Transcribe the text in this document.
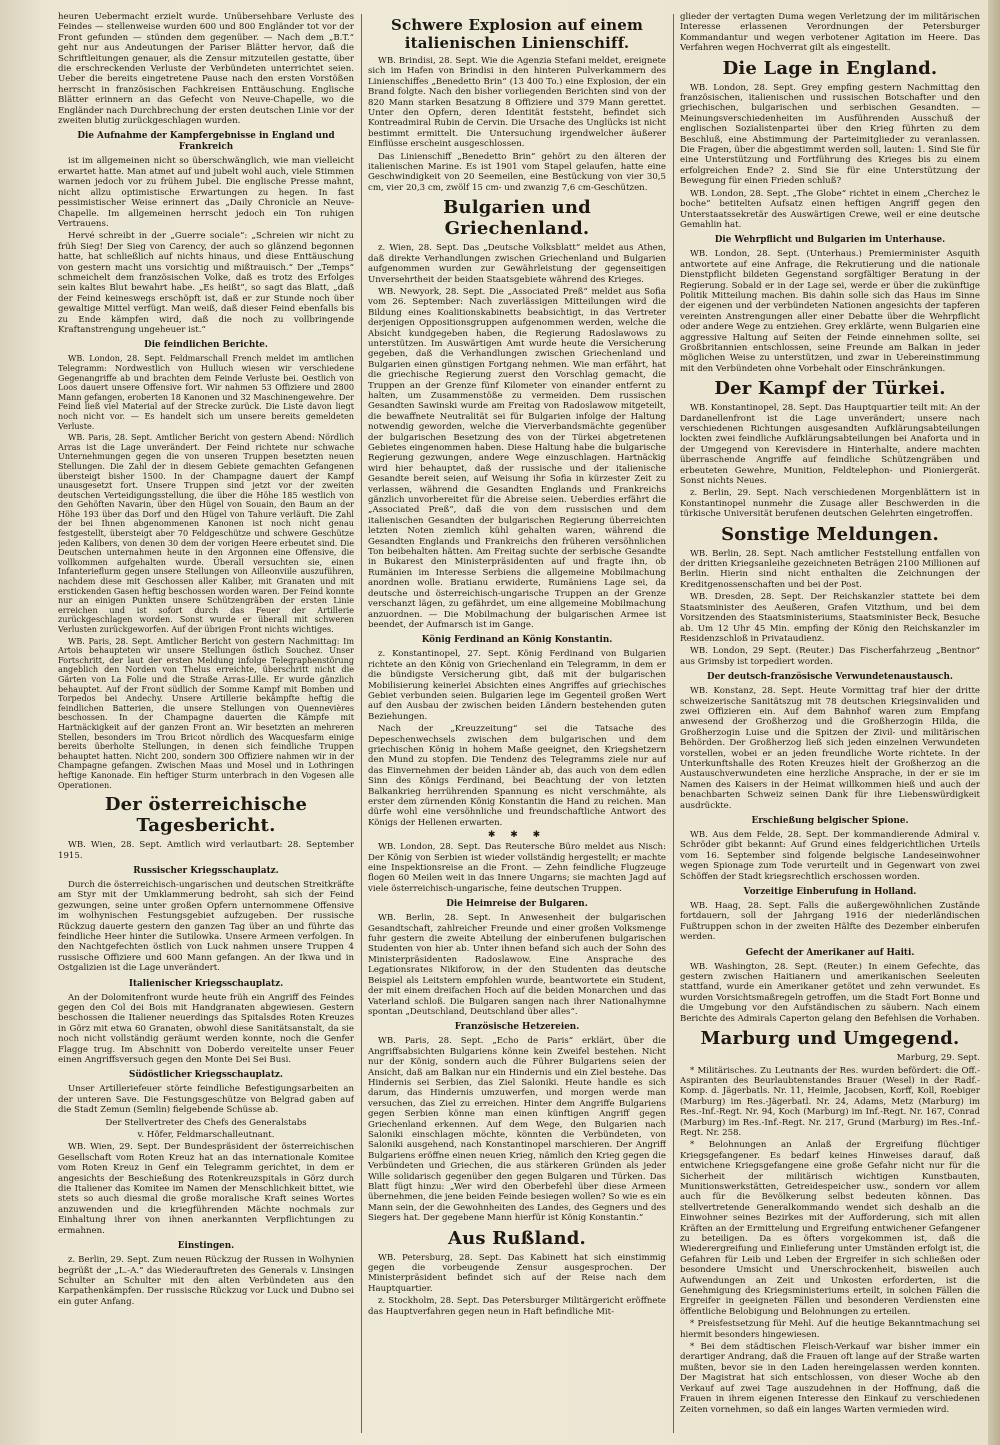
heuren Uebermacht erzielt wurde. Unübersehbare Verluste des Feindes — stellenweise wurden 600 und 800 Engländer tot vor der Front gefunden — stünden dem gegenüber. — Nach dem „B.T.“ geht nur aus Andeutungen der Pariser Blätter hervor, daß die Schriftleitungen genauer, als die Zensur mitzuteilen gestatte, über die erschreckenden Verluste der Verbündeten unterrichtet seien. Ueber die bereits eingetretene Pause nach den ersten Vorstößen herrscht in französischen Fachkreisen Enttäuschung. Englische Blätter erinnern an das Gefecht von Neuve-Chapelle, wo die Engländer nach Durchbrechung der ersten deutschen Linie vor der zweiten blutig zurückgeschlagen wurden.

Die Aufnahme der Kampfergebnisse in England und Frankreich

ist im allgemeinen nicht so überschwänglich, wie man vielleicht erwartet hatte. Man atmet auf und jubelt wohl auch, viele Stimmen warnen jedoch vor zu frühem Jubel. Die englische Presse mahnt, nicht allzu optimistische Erwartungen zu hegen. In fast pessimistischer Weise erinnert das „Daily Chronicle an Neuve-Chapelle. Im allgemeinen herrscht jedoch ein Ton ruhigen Vertrauens.

Hervé schreibt in der „Guerre sociale“: „Schreien wir nicht zu früh Sieg! Der Sieg von Carency, der auch so glänzend begonnen hatte, hat schließlich auf nichts hinaus, und diese Enttäuschung von gestern macht uns vorsichtig und mißtrauisch.“ Der „Temps“ schmeichelt dem französischen Volke, daß es trotz des Erfolges sein kaltes Blut bewahrt habe. „Es heißt“, so sagt das Blatt, „daß der Feind keineswegs erschöpft ist, daß er zur Stunde noch über gewaltige Mittel verfügt. Man weiß, daß dieser Feind ebenfalls bis zu Ende kämpfen wird, daß die noch zu vollbringende Kraftanstrengung ungeheuer ist.“

Die feindlichen Berichte.

WB. London, 28. Sept. Feldmarschall French meldet im amtlichen Telegramm: Nordwestlich von Hulluch wiesen wir verschiedene Gegenangriffe ab und brachten dem Feinde Verluste bei. Oestlich von Loos dauert unsere Offensive fort. Wir nahmen 53 Offiziere und 2800 Mann gefangen, eroberten 18 Kanonen und 32 Maschinengewehre. Der Feind ließ viel Material auf der Strecke zurück. Die Liste davon liegt noch nicht vor. — Es handelt sich um unsere bereits gemeldeten Verluste.

WB. Paris, 28. Sept. Amtlicher Bericht von gestern Abend: Nördlich Arras ist die Lage unverändert. Der Feind richtete nur schwache Unternehmungen gegen die von unseren Truppen besetzten neuen Stellungen. Die Zahl der in diesem Gebiete gemachten Gefangenen übersteigt bisher 1500. In der Champagne dauert der Kampf unausgesetzt fort. Unsere Truppen sind jetzt vor der zweiten deutschen Verteidigungsstellung, die über die Höhe 185 westlich von den Gehöften Navarin, über den Hügel von Souain, den Baum an der Höhe 193 über das Dorf und den Hügel von Tahure verläuft. Die Zahl der bei Ihnen abgenommenen Kanonen ist noch nicht genau festgestellt, übersteigt aber 70 Feldgeschütze und schwere Geschütze jeden Kalibers, von denen 30 dem der vorigen Heere erbeutet sind. Die Deutschen unternahmen heute in den Argonnen eine Offensive, die vollkommen aufgehalten wurde. Überall versuchten sie, einen Infanterieflurm gegen unsere Stellungen von Ailleonviile auszuführen, nachdem diese mit Geschossen aller Kaliber, mit Granaten und mit erstickenden Gasen heftig beschossen worden waren. Der Feind konnte nur an einigen Punkten unsere Schützengräben der ersten Linie erreichen und ist sofort durch das Feuer der Artillerie zurückgeschlagen worden. Sonst wurde er überall mit schweren Verlusten zurückgeworfen. Auf der übrigen Front nichts wichtiges.

WB. Paris, 28. Sept. Amtlicher Bericht von gestern Nachmittag: Im Artois behaupteten wir unsere Stellungen östlich Souchez. Unser Fortschritt, der laut der ersten Meldung infolge Telegraphenstörung angeblich den Norden von Thelus erreichte, überschritt nicht die Gärten von La Folie und die Straße Arras-Lille. Er wurde gänzlich behauptet. Auf der Front südlich der Somme Kampf mit Bomben und Torpedos bei Andechy. Unsere Artillerie bekämpfte heftig die feindlichen Batterien, die unsere Stellungen von Quennevières beschossen. In der Champagne dauerten die Kämpfe mit Hartnäckigkeit auf der ganzen Front an. Wir besetzten an mehreren Stellen, besonders im Trou Bricot nördlich des Wacquesfarm einige bereits überholte Stellungen, in denen sich feindliche Truppen behauptet hatten. Nicht 200, sondern 300 Offiziere nahmen wir in der Champagne gefangen. Zwischen Maas und Mosel und in Lothringen heftige Kanonade. Ein heftiger Sturm unterbrach in den Vogesen alle Operationen.

Der österreichische Tagesbericht.

WB. Wien, 28. Sept. Amtlich wird verlautbart: 28. September 1915.

Russischer Kriegsschauplatz.

Durch die österreichisch-ungarischen und deutschen Streitkräfte am Styr mit der Umklammerung bedroht, sah sich der Feind gezwungen, seine unter großen Opfern unternommene Offensive im wolhynischen Festungsgebiet aufzugeben. Der russische Rückzug dauerte gestern den ganzen Tag über an und führte das feindliche Heer hinter die Sutilowka. Unsere Armeen verfolgen. In den Nachtgefechten östlich von Luck nahmen unsere Truppen 4 russische Offiziere und 600 Mann gefangen. An der Ikwa und in Ostgalizien ist die Lage unverändert.

Italienischer Kriegsschauplatz.

An der Dolomitenfront wurde heute früh ein Angriff des Feindes gegen den Col dei Bois mit Handgranaten abgewiesen. Gestern beschossen die Italiener neuerdings das Spitalsdes Roten Kreuzes in Görz mit etwa 60 Granaten, obwohl diese Sanitätsanstalt, da sie noch nicht vollständig geräumt werden konnte, noch die Genfer Flagge trug. Im Abschnitt von Doberdo vereitelte unser Feuer einen Angriffsversuch gegen den Monte Dei Sei Busi.

Südöstlicher Kriegsschauplatz.

Unser Artilleriefeuer störte feindliche Befestigungsarbeiten an der unteren Save. Die Festungsgeschütze von Belgrad gaben auf die Stadt Zemun (Semlin) fielgebende Schüsse ab.

Der Stellvertreter des Chefs des Generalstabs

v. Höfer, Feldmarschalleutnant.

WB. Wien, 29. Sept. Der Bundespräsident der österreichischen Gesellschaft vom Roten Kreuz hat an das internationale Komitee vom Roten Kreuz in Genf ein Telegramm gerichtet, in dem er angesichts der Beschießung des Rotenkreuzspitals in Görz durch die Italiener das Komitee im Namen der Menschlichkeit bittet, wie stets so auch diesmal die große moralische Kraft seines Wortes anzuwenden und die kriegführenden Mächte nochmals zur Einhaltung ihrer von ihnen anerkannten Verpflichtungen zu ermahnen.

Einstingen.

z. Berlin, 29. Sept. Zum neuen Rückzug der Russen in Wolhynien begrüßt der „L.-A.“ das Wiederauftreten des Generals v. Linsingen Schulter an Schulter mit den alten Verbündeten aus den Karpathenkämpfen. Der russische Rückzug vor Luck und Dubno sei ein guter Anfang.

Schwere Explosion auf einem italienischen Linienschiff.

WB. Brindisi, 28. Sept. Wie die Agenzia Stefani meldet, ereignete sich im Hafen von Brindisi in den hinteren Pulverkammern des Linienschiffes „Benedetto Brin“ (13 400 To.) eine Explosion, der ein Brand folgte. Nach den bisher vorliegenden Berichten sind von der 820 Mann starken Besatzung 8 Offiziere und 379 Mann gerettet. Unter den Opfern, deren Identität feststeht, befindet sich Kontreadmiral Rubin de Cervin. Die Ursache des Unglücks ist nicht bestimmt ermittelt. Die Untersuchung irgendwelcher äußerer Einflüsse erscheint ausgeschlossen.

Das Linienschiff „Benedetto Brin“ gehört zu den älteren der italienischen Marine. Es ist 1901 vom Stapel gelaufen, hatte eine Geschwindigkeit von 20 Seemeilen, eine Bestückung von vier 30,5 cm, vier 20,3 cm, zwölf 15 cm- und zwanzig 7,6 cm-Geschützen.

Bulgarien und Griechenland.

z. Wien, 28. Sept. Das „Deutsche Volksblatt“ meldet aus Athen, daß direkte Verhandlungen zwischen Griechenland und Bulgarien aufgenommen wurden zur Gewährleistung der gegenseitigen Unversehrtheit der beiden Staatsgebiete während des Krieges.

WB. Newyork, 28. Sept. Die „Associated Preß“ meldet aus Sofia vom 26. September: Nach zuverlässigen Mitteilungen wird die Bildung eines Koalitionskabinetts beabsichtigt, in das Vertreter derjenigen Oppositionsgruppen aufgenommen werden, welche die Absicht kundgegeben haben, die Regierung Radoslawows zu unterstützen. Im Auswärtigen Amt wurde heute die Versicherung gegeben, daß die Verhandlungen zwischen Griechenland und Bulgarien einen günstigen Fortgang nehmen. Wie man erfährt, hat die griechische Regierung zuerst den Vorschlag gemacht, die Truppen an der Grenze fünf Kilometer von einander entfernt zu halten, um Zusammenstöße zu vermeiden. Dem russischen Gesandten Sawinski wurde am Freitag von Radoslawow mitgeteilt, die bewaffnete Neutralität sei für Bulgarien infolge der Haltung notwendig geworden, welche die Vierverbandsmächte gegenüber der bulgarischen Besetzung des von der Türkei abgetretenen Gebietes eingenommen haben. Diese Haltung habe die bulgarische Regierung gezwungen, andere Wege einzuschlagen. Hartnäckig wird hier behauptet, daß der russische und der italienische Gesandte bereit seien, auf Weisung ihr Sofia in kürzester Zeit zu verlassen, während die Gesandten Englands und Frankreichs gänzlich unvorbereitet für die Abreise seien. Ueberdies erfährt die „Associated Preß“, daß die von dem russischen und dem italienischen Gesandten der bulgarischen Regierung überreichten letzten Noten ziemlich kühl gehalten waren, während die Gesandten Englands und Frankreichs den früheren versöhnlichen Ton beibehalten hätten. Am Freitag suchte der serbische Gesandte in Bukarest den Ministerpräsidenten auf und fragte ihn, ob Rumänien im Interesse Serbiens die allgemeine Mobilmachung anordnen wolle. Bratianu erwiderte, Rumäniens Lage sei, da deutsche und österreichisch-ungarische Truppen an der Grenze verschanzt lägen, zu gefährdet, um eine allgemeine Mobilmachung anzuordnen. — Die Mobilmachung der bulgarischen Armee ist beendet, der Aufmarsch ist im Gange.

König Ferdinand an König Konstantin.

z. Konstantinopel, 27. Sept. König Ferdinand von Bulgarien richtete an den König von Griechenland ein Telegramm, in dem er die bündigste Versicherung gibt, daß mit der bulgarischen Mobilisierung keinerlei Absichten eines Angriffes auf griechisches Gebiet verbunden seien. Bulgarien lege im Gegenteil großen Wert auf den Ausbau der zwischen beiden Ländern bestehenden guten Beziehungen.

Nach der „Kreuzzeitung“ sei die Tatsache des Depeschenwechsels zwischen dem bulgarischen und dem griechischen König in hohem Maße geeignet, den Kriegshetzern den Mund zu stopfen. Die Tendenz des Telegramms ziele nur auf das Einvernehmen der beiden Länder ab, das auch von dem edlen Sinn des Königs Ferdinand, bei Beachtung der von letzten Balkankrieg herrührenden Spannung es nicht verschmähte, als erster dem zürnenden König Konstantin die Hand zu reichen. Man dürfe wohl eine versöhnliche und freundschaftliche Antwort des Königs der Hellenen erwarten.

✱ ✱ ✱

WB. London, 28. Sept. Das Reutersche Büro meldet aus Nisch: Der König von Serbien ist wieder vollständig hergestellt; er machte eine Inspektionsreise an die Front. — Zehn feindliche Flugzeuge flogen 60 Meilen weit in das Innere Ungarns; sie machten Jagd auf viele österreichisch-ungarische, feine deutschen Truppen.

Die Heimreise der Bulgaren.

WB. Berlin, 28. Sept. In Anwesenheit der bulgarischen Gesandtschaft, zahlreicher Freunde und einer großen Volksmenge fuhr gestern die zweite Abteilung der einberufenen bulgarischen Studenten von hier ab. Unter ihnen befand sich auch der Sohn des Ministerpräsidenten Radoslawow. Eine Ansprache des Legationsrates Nikiforow, in der den Studenten das deutsche Beispiel als Leitstern empfohlen wurde, beantwortete ein Student, der mit einem dreifachen Hoch auf die beiden Monarchen und das Vaterland schloß. Die Bulgaren sangen nach ihrer Nationalhymne spontan „Deutschland, Deutschland über alles“.

Französische Hetzereien.

WB. Paris, 28. Sept. „Echo de Paris“ erklärt, über die Angriffsabsichten Bulgariens könne kein Zweifel bestehen. Nicht nur der König, sondern auch die Führer Bulgariens seien der Ansicht, daß am Balkan nur ein Hindernis und ein Ziel bestehe. Das Hindernis sei Serbien, das Ziel Saloniki. Heute handle es sich darum, das Hindernis umzuwerfen, und morgen werde man versuchen, das Ziel zu erreichen. Hinter dem Angriffe Bulgariens gegen Serbien könne man einen künftigen Angriff gegen Griechenland erkennen. Auf dem Wege, den Bulgarien nach Saloniki einschlagen möchte, könnten die Verbündeten, von Saloniki ausgehend, nach Konstantinopel marschieren. Der Angriff Bulgariens eröffne einen neuen Krieg, nämlich den Krieg gegen die Verbündeten und Griechen, die aus stärkeren Gründen als jeder Wille solidarisch gegenüber den gegen Bulgaren und Türken. Das Blatt fügt hinzu: „Wer wird den Oberbefehl über diese Armeen übernehmen, die jene beiden Feinde besiegen wollen? So wie es ein Mann sein, der die Gewohnheiten des Landes, des Gegners und des Siegers hat. Der gegebene Mann hierfür ist König Konstantin.“

Aus Rußland.

WB. Petersburg, 28. Sept. Das Kabinett hat sich einstimmig gegen die vorbeugende Zensur ausgesprochen. Der Ministerpräsident befindet sich auf der Reise nach dem Hauptquartier.

z. Stockholm, 28. Sept. Das Petersburger Militärgericht eröffnete das Hauptverfahren gegen neun in Haft befindliche Mit-

glieder der vertagten Duma wegen Verletzung der im militärischen Interesse erlassenen Verordnungen der Petersburger Kommandantur und wegen verbotener Agitation im Heere. Das Verfahren wegen Hochverrat gilt als eingestellt.

Die Lage in England.

WB. London, 28. Sept. Grey empfing gestern Nachmittag den französischen, italienischen und russischen Botschafter und den griechischen, bulgarischen und serbischen Gesandten. — Meinungsverschiedenheiten im Ausführenden Ausschuß der englischen Sozialistenpartei über den Krieg führten zu dem Beschluß, eine Abstimmung der Parteimitglieder zu veranlassen. Die Fragen, über die abgestimmt werden soll, lauten: 1. Sind Sie für eine Unterstützung und Fortführung des Krieges bis zu einem erfolgreichen Ende? 2. Sind Sie für eine Unterstützung der Bewegung für einen Frieden schluß?

WB. London, 28. Sept. „The Globe“ richtet in einem „Cherchez le boche“ betitelten Aufsatz einen heftigen Angriff gegen den Unterstaatssekretär des Auswärtigen Crewe, weil er eine deutsche Gemahlin hat.

Die Wehrpflicht und Bulgarien im Unterhause.

WB. London, 28. Sept. (Unterhaus.) Premierminister Asquith antwortete auf eine Anfrage, die Rekrutierung und die nationale Dienstpflicht bildeten Gegenstand sorgfältiger Beratung in der Regierung. Sobald er in der Lage sei, werde er über die zukünftige Politik Mitteilung machen. Bis dahin solle sich das Haus im Sinne der eigenen und der verbündeten Nationen angesichts der tapferen vereinten Anstrengungen aller einer Debatte über die Wehrpflicht oder andere Wege zu entziehen. Grey erklärte, wenn Bulgarien eine aggressive Haltung auf Seiten der Feinde einnehmen sollte, sei Großbritannien entschlossen, seine Freunde am Balkan in jeder möglichen Weise zu unterstützen, und zwar in Uebereinstimmung mit den Verbündeten ohne Vorbehalt oder Einschränkungen.

Der Kampf der Türkei.

WB. Konstantinopel, 28. Sept. Das Hauptquartier teilt mit: An der Dardanellenfront ist die Lage unverändert; unsere nach verschiedenen Richtungen ausgesandten Aufklärungsabteilungen lockten zwei feindliche Aufklärungsabteilungen bei Anaforta und in der Umgegend von Kerevisdere in Hinterhalte, andere machten überraschende Angriffe auf feindliche Schützengräben und erbeuteten Gewehre, Munition, Feldtelephon- und Pioniergerät. Sonst nichts Neues.

z. Berlin, 29. Sept. Nach verschiedenen Morgenblättern ist in Konstantinopel nunmehr die Zusage aller Beschwerden in die türkische Universität berufenen deutschen Gelehrten eingetroffen.

Sonstige Meldungen.

WB. Berlin, 28. Sept. Nach amtlicher Feststellung entfallen von der dritten Kriegsanleihe gezeichneten Beträgen 2100 Millionen auf Berlin. Hierin sind nicht enthalten die Zeichnungen der Kreditgenossenschaften und bei der Post.

WB. Dresden, 28. Sept. Der Reichskanzler stattete bei dem Staatsminister des Aeußeren, Grafen Vitzthum, und bei dem Vorsitzenden des Staatsministeriums, Staatsminister Beck, Besuche ab. Um 12 Uhr 45 Min. empfing der König den Reichskanzler im Residenzschloß in Privataudienz.

WB. London, 29 Sept. (Reuter.) Das Fischerfahrzeug „Bentnor“ aus Grimsby ist torpediert worden.

Der deutsch-französische Verwundetenaustausch.

WB. Konstanz, 28. Sept. Heute Vormittag traf hier der dritte schweizerische Sanitätszug mit 78 deutschen Kriegsinvaliden und zwei Offizieren ein. Auf dem Bahnhof waren zum Empfang anwesend der Großherzog und die Großherzogin Hilda, die Großherzogin Luise und die Spitzen der Zivil- und militärischen Behörden. Der Großherzog ließ sich jeden einzelnen Verwundeten vorstellen, wobei er an jeden freundliche Worte richtete. In der Unterkunftshalle des Roten Kreuzes hielt der Großherzog an die Austauschverwundeten eine herzliche Ansprache, in der er sie im Namen des Kaisers in der Heimat willkommen hieß und auch der benachbarten Schweiz seinen Dank für ihre Liebenswürdigkeit ausdrückte.

Erschießung belgischer Spione.

WB. Aus dem Felde, 28. Sept. Der kommandierende Admiral v. Schröder gibt bekannt: Auf Grund eines feldgerichtlichen Urteils vom 16. September sind folgende belgische Landeseinwohner wegen Spionage zum Tode verurteilt und in Gegenwart von zwei Schöffen der Stadt kriegsrechtlich erschossen worden.

Vorzeitige Einberufung in Holland.

WB. Haag, 28. Sept. Falls die außergewöhnlichen Zustände fortdauern, soll der Jahrgang 1916 der niederländischen Fußtruppen schon in der zweiten Hälfte des Dezember einberufen werden.

Gefecht der Amerikaner auf Haiti.

WB. Washington, 28. Sept. (Reuter.) In einem Gefechte, das gestern zwischen Haitianern und amerikanischen Seeleuten stattfand, wurde ein Amerikaner getötet und zehn verwundet. Es wurden Vorsichtsmaßregeln getroffen, um die Stadt Fort Bonne und die Umgebung vor den Aufständischen zu säubern. Nach einem Berichte des Admirals Caperton gelang den Befehlsen die Vorhaben.

Marburg und Umgegend.

Marburg, 29. Sept.

* Militärisches. Zu Leutnants der Res. wurden befördert: die Off.-Aspiranten des Beurlaubtenstandes Brauer (Wesel) in der Radf.-Komp. d. Jägerbatls. Nr. 11, Heimle, Jacobsen, Korff, Koll, Roebiger (Marburg) im Res.-Jägerbatl. Nr. 24, Adams, Metz (Marburg) im Res.-Inf.-Regt. Nr. 94, Koch (Marburg) im Inf.-Regt. Nr. 167, Conrad (Marburg) im Res.-Inf.-Regt. Nr. 217, Grund (Marburg) im Res.-Inf.-Regt. Nr. 258.

* Belohnungen an Anlaß der Ergreifung flüchtiger Kriegsgefangener. Es bedarf keines Hinweises darauf, daß entwichene Kriegsgefangene eine große Gefahr nicht nur für die Sicherheit der militärisch wichtigen Kunstbauten, Munitionswerkstätten, Getreidespeicher usw., sondern vor allem auch für die Bevölkerung selbst bedeuten können. Das stellvertretende Generalkommando wendet sich deshalb an die Einwohner seines Bezirkes mit der Aufforderung, sich mit allen Kräften an der Ermittelung und Ergreifung entwichener Gefangener zu beteiligen. Da es öfters vorgekommen ist, daß die Wiederergreifung und Einlieferung unter Umständen erfolgt ist, die Gefahren für Leib und Leben der Ergreifer in sich schließen oder besondere Umsicht und Unerschrockenheit, bisweilen auch Aufwendungen an Zeit und Unkosten erforderten, ist die Genehmigung des Kriegsministeriums erteilt, in solchen Fällen die Ergreifer in geeigneten Fällen und besonderen Verdiensten eine öffentliche Belobigung und Belohnungen zu erteilen.

* Preisfestsetzung für Mehl. Auf die heutige Bekanntmachung sei hiermit besonders hingewiesen.

* Bei dem städtischen Fleisch-Verkauf war bisher immer ein derartiger Andrang, daß die Frauen oft lange auf der Straße warten mußten, bevor sie in den Laden hereingelassen werden konnten. Der Magistrat hat sich entschlossen, von dieser Woche ab den Verkauf auf zwei Tage auszudehnen in der Hoffnung, daß die Frauen in ihrem eigenen Interesse den Einkauf zu verschiedenen Zeiten vornehmen, so daß ein langes Warten vermieden wird.
